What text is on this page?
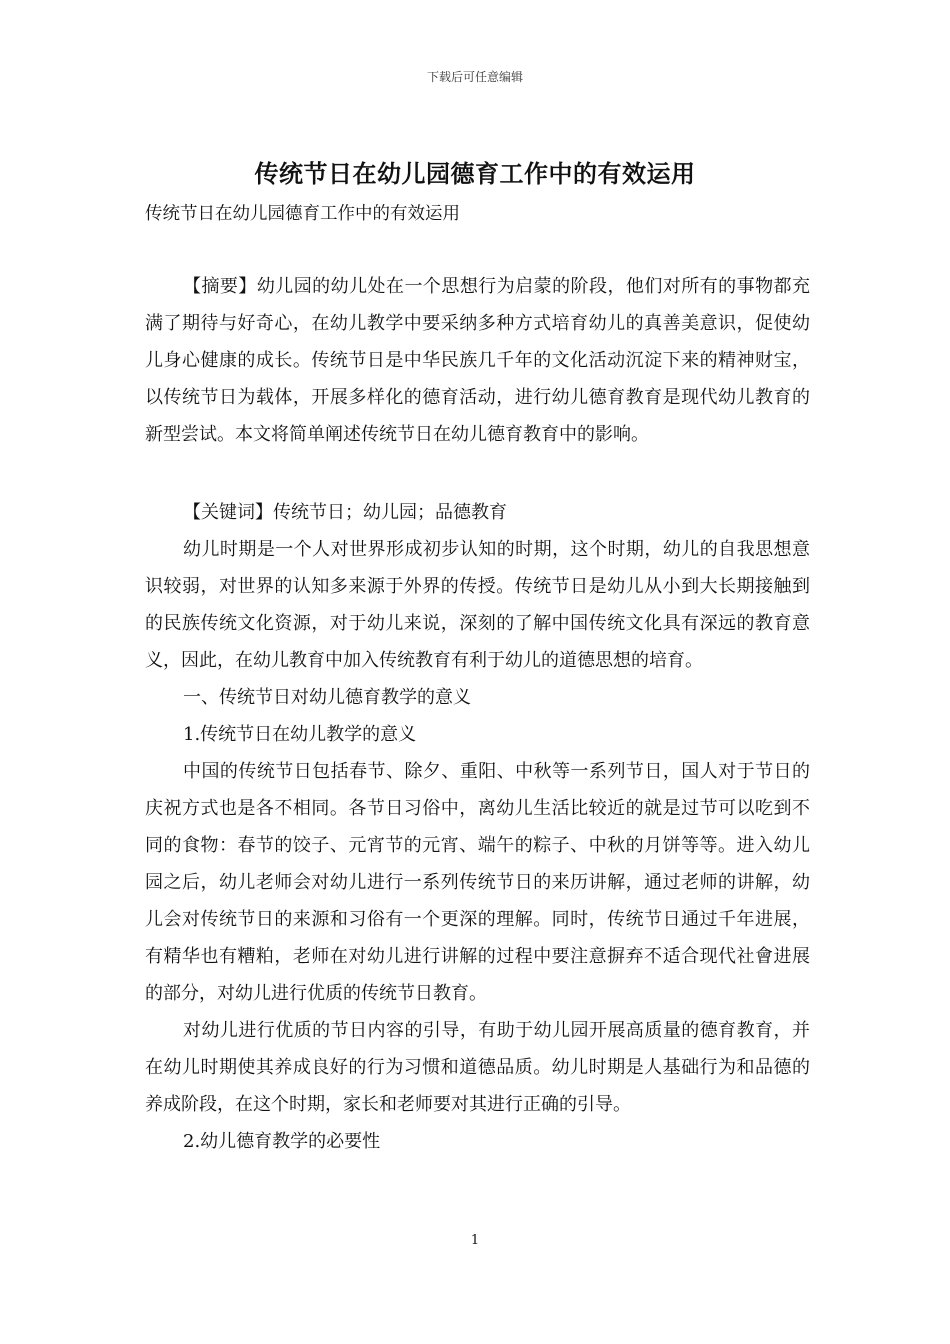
下载后可任意编辑
传统节日在幼儿园德育工作中的有效运用
传统节日在幼儿园德育工作中的有效运用

【摘要】幼儿园的幼儿处在一个思想行为启蒙的阶段，他们对所有的事物都充满了期待与好奇心，在幼儿教学中要采纳多种方式培育幼儿的真善美意识，促使幼儿身心健康的成长。传统节日是中华民族几千年的文化活动沉淀下来的精神财宝，以传统节日为载体，开展多样化的德育活动，进行幼儿德育教育是现代幼儿教育的新型尝试。本文将简单阐述传统节日在幼儿德育教育中的影响。

【关键词】传统节日；幼儿园；品德教育

幼儿时期是一个人对世界形成初步认知的时期，这个时期，幼儿的自我思想意识较弱，对世界的认知多来源于外界的传授。传统节日是幼儿从小到大长期接触到的民族传统文化资源，对于幼儿来说，深刻的了解中国传统文化具有深远的教育意义，因此，在幼儿教育中加入传统教育有利于幼儿的道德思想的培育。

一、传统节日对幼儿德育教学的意义

1.传统节日在幼儿教学的意义

中国的传统节日包括春节、除夕、重阳、中秋等一系列节日，国人对于节日的庆祝方式也是各不相同。各节日习俗中，离幼儿生活比较近的就是过节可以吃到不同的食物：春节的饺子、元宵节的元宵、端午的粽子、中秋的月饼等等。进入幼儿园之后，幼儿老师会对幼儿进行一系列传统节日的来历讲解，通过老师的讲解，幼儿会对传统节日的来源和习俗有一个更深的理解。同时，传统节日通过千年进展，有精华也有糟粕，老师在对幼儿进行讲解的过程中要注意摒弃不适合现代社會进展的部分，对幼儿进行优质的传统节日教育。

对幼儿进行优质的节日内容的引导，有助于幼儿园开展高质量的德育教育，并在幼儿时期使其养成良好的行为习惯和道德品质。幼儿时期是人基础行为和品德的养成阶段，在这个时期，家长和老师要对其进行正确的引导。

2.幼儿德育教学的必要性

1
